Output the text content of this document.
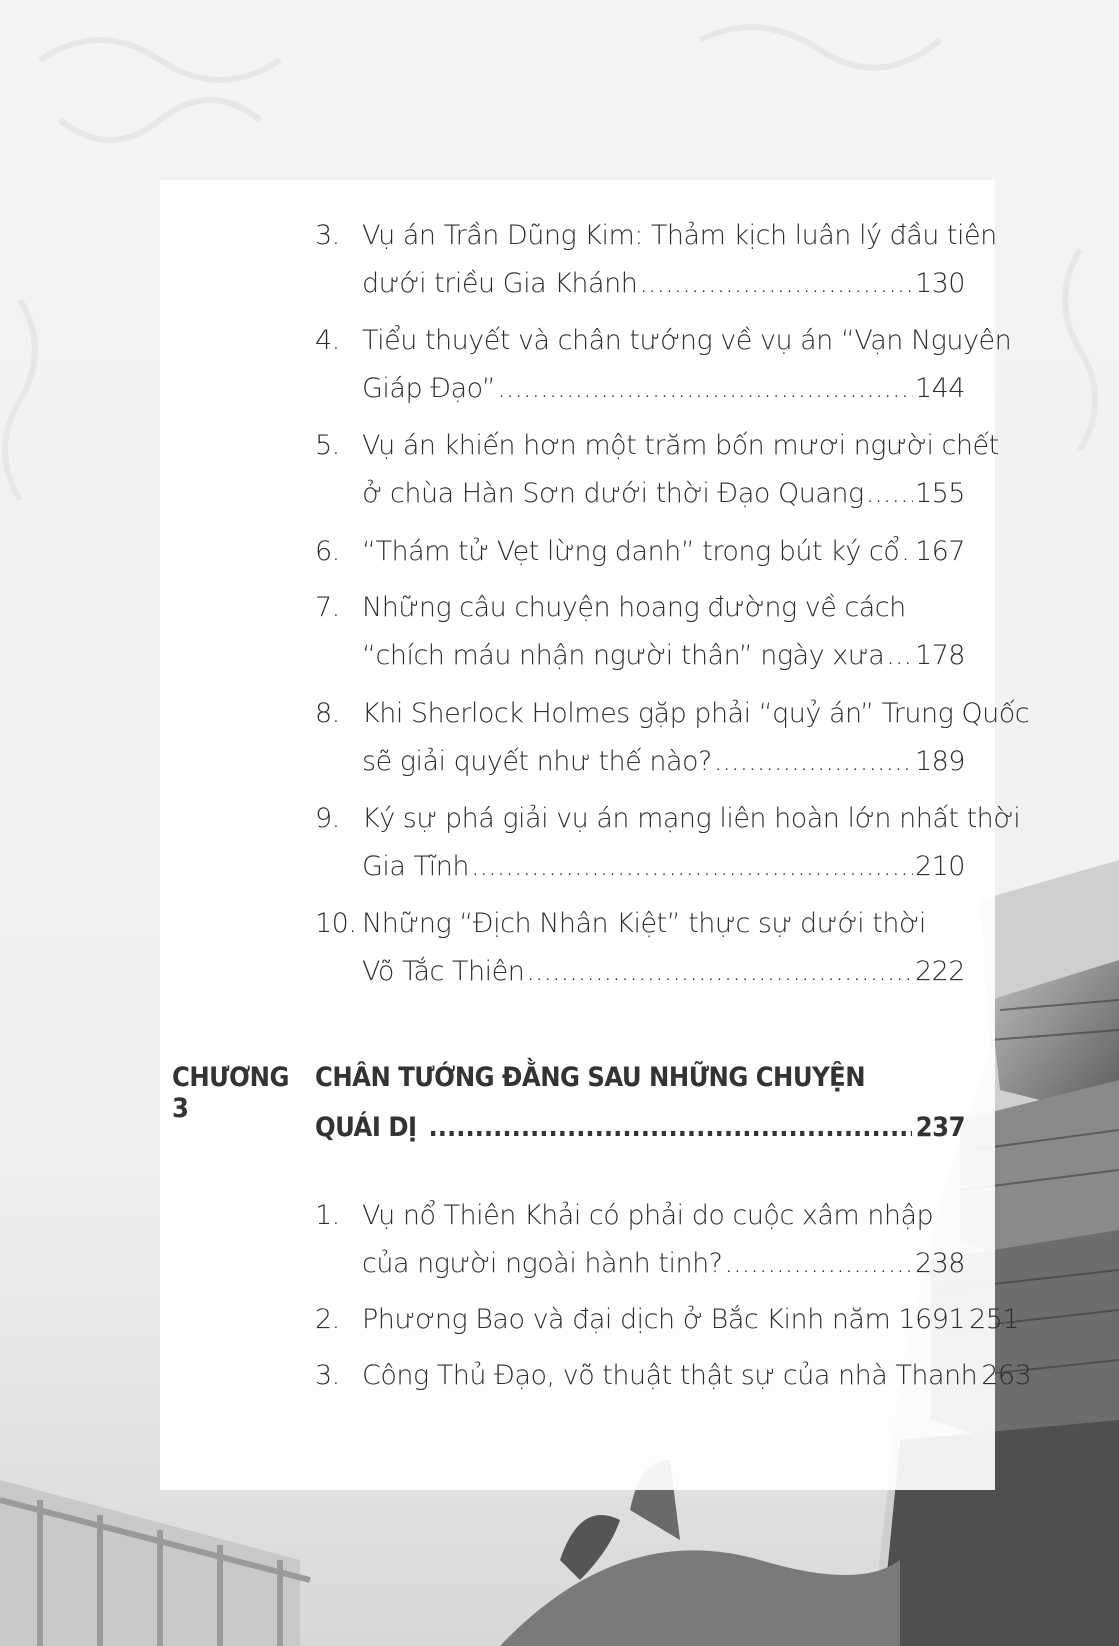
3. Vụ án Trần Dũng Kim: Thảm kịch luân lý đầu tiên
dưới triều Gia Khánh .....	130
4. Tiểu thuyết và chân tướng về vụ án “Vạn Nguyên
Giáp Đạo” .....	144
5. Vụ án khiến hơn một trăm bốn mươi người chết
ở chùa Hàn Sơn dưới thời Đạo Quang ..... 155
6. “Thám tử Vẹt lừng danh” trong bút ký cổ ..... 167
7. Những câu chuyện hoang đường về cách
“chích máu nhận người thân” ngày xưa ..... 178
8. Khi Sherlock Holmes gặp phải “quỷ án” Trung Quốc
sẽ giải quyết như thế nào? .....	189
9. Ký sự phá giải vụ án mạng liên hoàn lớn nhất thời
Gia Tĩnh .....	210
10. Những “Địch Nhân Kiệt” thực sự dưới thời
Võ Tắc Thiên .....	222
CHƯƠNG 3
CHÂN TƯỚNG ĐẰNG SAU NHỮNG CHUYỆN
QUÁI DỊ .....	237
1. Vụ nổ Thiên Khải có phải do cuộc xâm nhập
của người ngoài hành tinh? .....	238
2. Phương Bao và đại dịch ở Bắc Kinh năm 1691 251
3. Công Thủ Đạo, võ thuật thật sự của nhà Thanh 263
